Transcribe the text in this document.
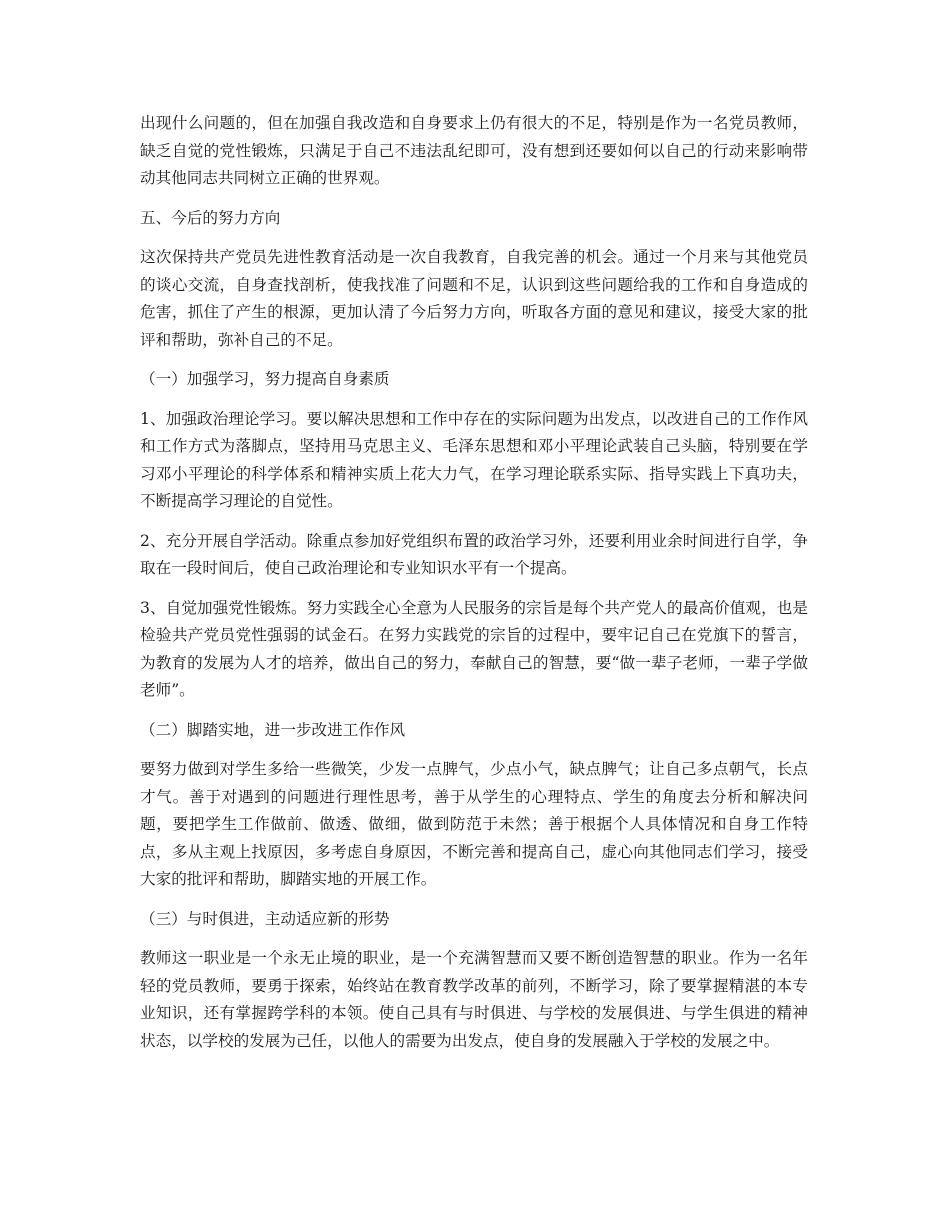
出现什么问题的，但在加强自我改造和自身要求上仍有很大的不足，特别是作为一名党员教师，缺乏自觉的党性锻炼，只满足于自己不违法乱纪即可，没有想到还要如何以自己的行动来影响带动其他同志共同树立正确的世界观。

五、今后的努力方向

这次保持共产党员先进性教育活动是一次自我教育，自我完善的机会。通过一个月来与其他党员的谈心交流，自身查找剖析，使我找准了问题和不足，认识到这些问题给我的工作和自身造成的危害，抓住了产生的根源，更加认清了今后努力方向，听取各方面的意见和建议，接受大家的批评和帮助，弥补自己的不足。

（一）加强学习，努力提高自身素质

1、加强政治理论学习。要以解决思想和工作中存在的实际问题为出发点，以改进自己的工作作风和工作方式为落脚点，坚持用马克思主义、毛泽东思想和邓小平理论武装自己头脑，特别要在学习邓小平理论的科学体系和精神实质上花大力气，在学习理论联系实际、指导实践上下真功夫，不断提高学习理论的自觉性。

2、充分开展自学活动。除重点参加好党组织布置的政治学习外，还要利用业余时间进行自学，争取在一段时间后，使自己政治理论和专业知识水平有一个提高。

3、自觉加强党性锻炼。努力实践全心全意为人民服务的宗旨是每个共产党人的最高价值观，也是检验共产党员党性强弱的试金石。在努力实践党的宗旨的过程中，要牢记自己在党旗下的誓言，为教育的发展为人才的培养，做出自己的努力，奉献自己的智慧，要“做一辈子老师，一辈子学做老师”。

（二）脚踏实地，进一步改进工作作风

要努力做到对学生多给一些微笑，少发一点脾气，少点小气，缺点脾气；让自己多点朝气，长点才气。善于对遇到的问题进行理性思考，善于从学生的心理特点、学生的角度去分析和解决问题，要把学生工作做前、做透、做细，做到防范于未然；善于根据个人具体情况和自身工作特点，多从主观上找原因，多考虑自身原因，不断完善和提高自己，虚心向其他同志们学习，接受大家的批评和帮助，脚踏实地的开展工作。

（三）与时俱进，主动适应新的形势

教师这一职业是一个永无止境的职业，是一个充满智慧而又要不断创造智慧的职业。作为一名年轻的党员教师，要勇于探索，始终站在教育教学改革的前列，不断学习，除了要掌握精湛的本专业知识，还有掌握跨学科的本领。使自己具有与时俱进、与学校的发展俱进、与学生俱进的精神状态，以学校的发展为己任，以他人的需要为出发点，使自身的发展融入于学校的发展之中。
